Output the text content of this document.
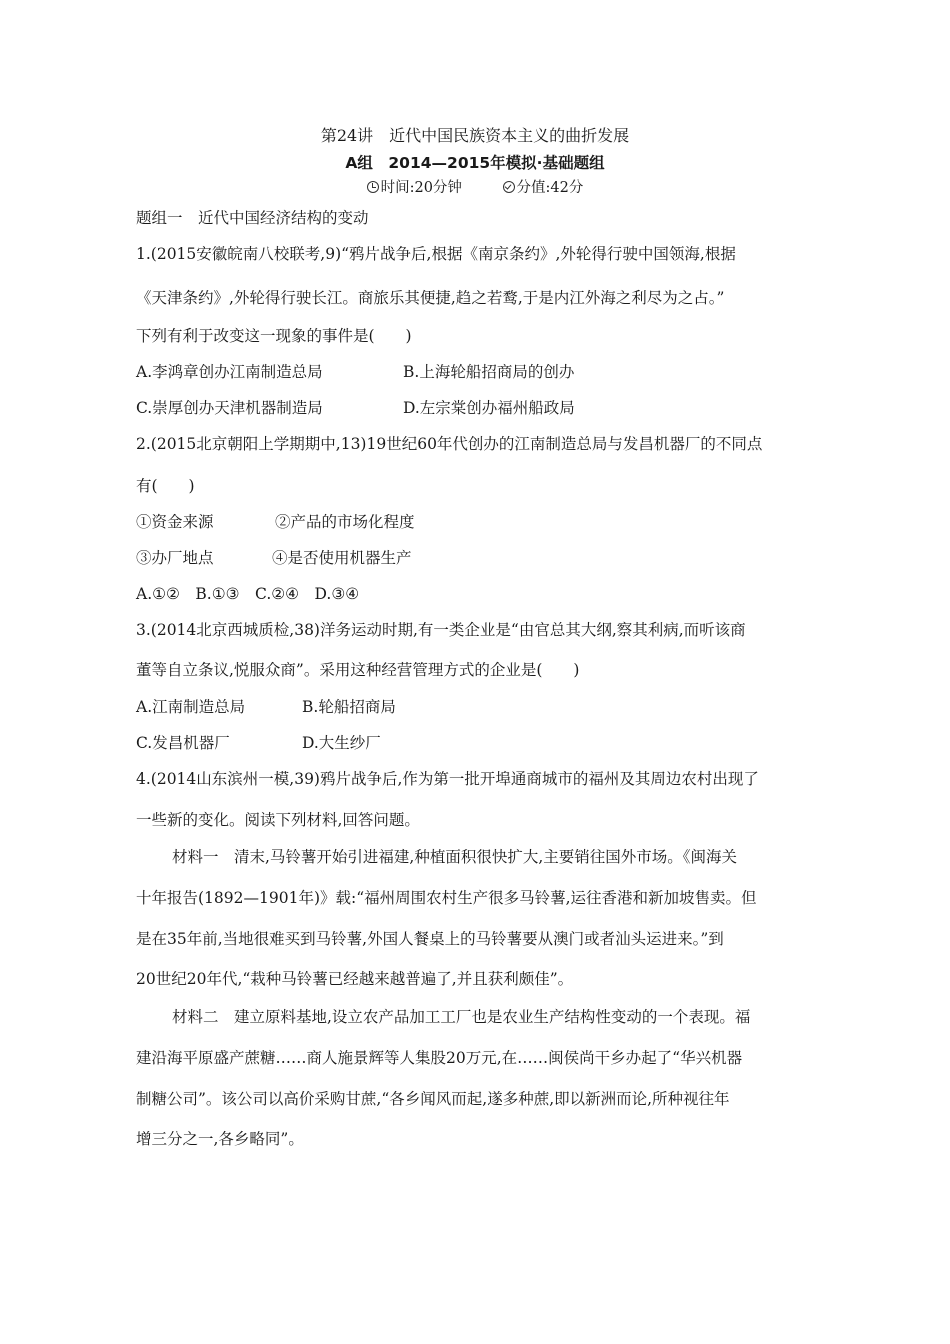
第24讲　近代中国民族资本主义的曲折发展
A组　2014—2015年模拟·基础题组
时间:20分钟	分值:42分
题组一　近代中国经济结构的变动
1.(2015安徽皖南八校联考,9)“鸦片战争后,根据《南京条约》,外轮得行驶中国领海,根据
《天津条约》,外轮得行驶长江。商旅乐其便捷,趋之若鹜,于是内江外海之利尽为之占。”
下列有利于改变这一现象的事件是(　　)
A.李鸿章创办江南制造总局	B.上海轮船招商局的创办
C.崇厚创办天津机器制造局	D.左宗棠创办福州船政局
2.(2015北京朝阳上学期期中,13)19世纪60年代创办的江南制造总局与发昌机器厂的不同点
有(　　)
①资金来源	②产品的市场化程度
③办厂地点	④是否使用机器生产
A.①②　B.①③　C.②④　D.③④
3.(2014北京西城质检,38)洋务运动时期,有一类企业是“由官总其大纲,察其利病,而听该商
董等自立条议,悦服众商”。采用这种经营管理方式的企业是(　　)
A.江南制造总局	B.轮船招商局
C.发昌机器厂	D.大生纱厂
4.(2014山东滨州一模,39)鸦片战争后,作为第一批开埠通商城市的福州及其周边农村出现了
一些新的变化。阅读下列材料,回答问题。
材料一　清末,马铃薯开始引进福建,种植面积很快扩大,主要销往国外市场。《闽海关
十年报告(1892—1901年)》载:“福州周围农村生产很多马铃薯,运往香港和新加坡售卖。但
是在35年前,当地很难买到马铃薯,外国人餐桌上的马铃薯要从澳门或者汕头运进来。”到
20世纪20年代,“栽种马铃薯已经越来越普遍了,并且获利颇佳”。
材料二　建立原料基地,设立农产品加工工厂也是农业生产结构性变动的一个表现。福
建沿海平原盛产蔗糖……商人施景辉等人集股20万元,在……闽侯尚干乡办起了“华兴机器
制糖公司”。该公司以高价采购甘蔗,“各乡闻风而起,遂多种蔗,即以新洲而论,所种视往年
增三分之一,各乡略同”。
